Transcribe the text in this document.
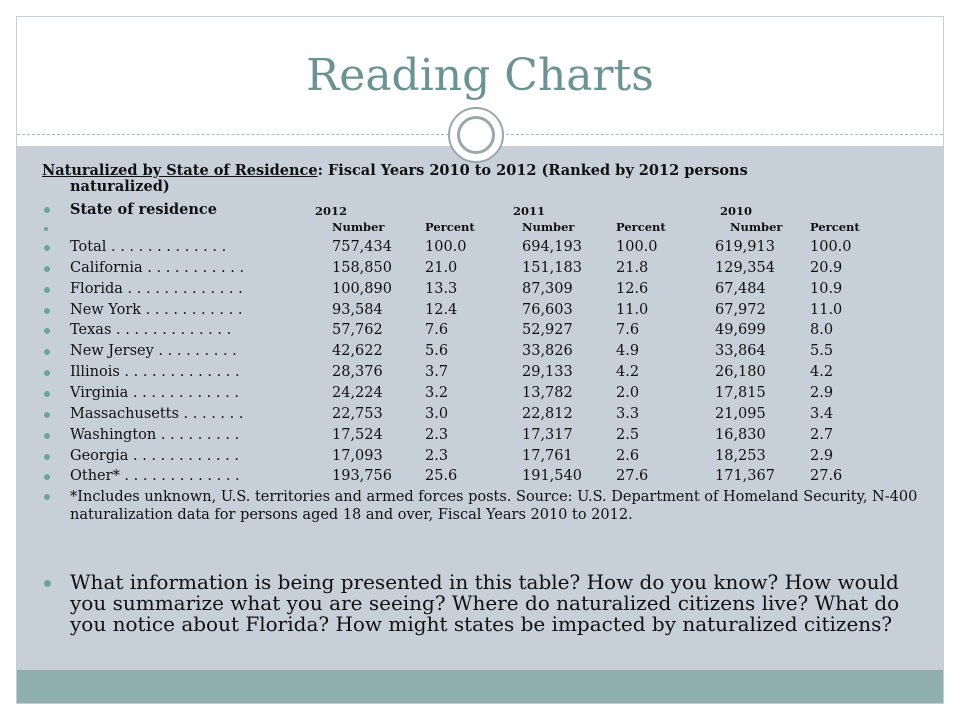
Reading Charts
Naturalized by State of Residence: Fiscal Years 2010 to 2012 (Ranked by 2012 persons
naturalized)
State of residence	2012	2011	2010
Number	Percent	Number	Percent	Number Percent
Total . . . . . . . . . . . . .	757,434 100.0	694,193 100.0	619,913 100.0
California . . . . . . . . . . .	158,850 21.0	151,183 21.8	129,354 20.9
Florida . . . . . . . . . . . . .	100,890 13.3	87,309	12.6	67,484	10.9
New York . . . . . . . . . . .	93,584	12.4	76,603	11.0	67,972	11.0
Texas . . . . . . . . . . . . .	57,762	7.6	52,927	7.6	49,699	8.0
New Jersey . . . . . . . . .	42,622	5.6	33,826	4.9	33,864	5.5
Illinois . . . . . . . . . . . . .	28,376	3.7	29,133	4.2	26,180	4.2
Virginia . . . . . . . . . . . .	24,224	3.2	13,782	2.0	17,815	2.9
Massachusetts . . . . . . .	22,753	3.0	22,812	3.3	21,095	3.4
Washington . . . . . . . . .	17,524	2.3	17,317	2.5	16,830	2.7
Georgia . . . . . . . . . . . .	17,093	2.3	17,761	2.6	18,253	2.9
Other* . . . . . . . . . . . . .	193,756 25.6	191,540 27.6	171,367 27.6
*Includes unknown, U.S. territories and armed forces posts. Source: U.S. Department of Homeland Security, N-400 naturalization data for persons aged 18 and over, Fiscal Years 2010 to 2012.
What information is being presented in this table? How do you know? How would you summarize what you are seeing? Where do naturalized citizens live? What do you notice about Florida? How might states be impacted by naturalized citizens?
